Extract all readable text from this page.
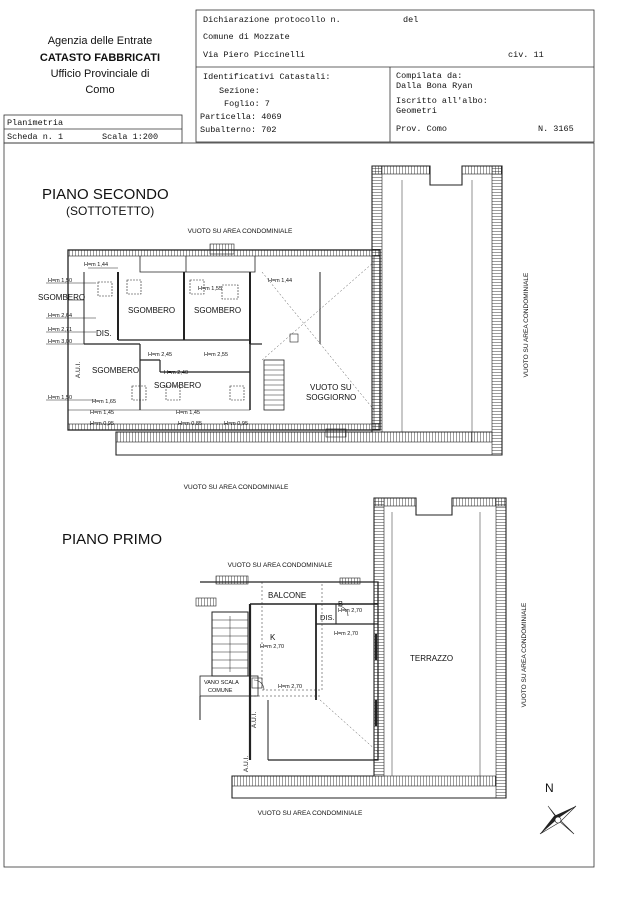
Agenzia delle Entrate
CATASTO FABBRICATI
Ufficio Provinciale di
Como
Dichiarazione protocollo n.	del
Comune di Mozzate
Via Piero Piccinelli	civ. 11
Identificativi Catastali:
Sezione:
Foglio: 7
Particella: 4069
Subalterno: 702
Compilata da:
Dalla Bona Ryan
Iscritto all'albo:
Geometri
Prov. Como	N. 3165
Planimetria
Scheda n. 1	Scala 1:200
PIANO SECONDO
(SOTTOTETTO)
VUOTO SU AREA CONDOMINIALE
VUOTO SU AREA CONDOMINIALE
VUOTO SU AREA CONDOMINIALE
A.U.I.
SGOMBERO
SGOMBERO SGOMBERO
SGOMBERO
SGOMBERO
DIS.
VUOTO SU
SOGGIORNO
H=m 1,44
H=m 1,50
H=m 2,64
H=m 2,71
H=m 3,00
H=m 1,55
H=m 1,44
H=m 2,45	H=m 2,55
H=m 2,40
H=m 1,50
H=m 1,65
H=m 1,45	H=m 1,45
H=m 0,95	H=m 0,85	H=m 0,95
PIANO PRIMO
VUOTO SU AREA CONDOMINIALE
VUOTO SU AREA CONDOMINIALE
VUOTO SU AREA CONDOMINIALE
A.U.I.
A.U.I.
BALCONE
B
DIS.
K
TERRAZZO
VANO SCALA
COMUNE
H=m 2,70
H=m 2,70
H=m 2,70
H=m 2,70
N
